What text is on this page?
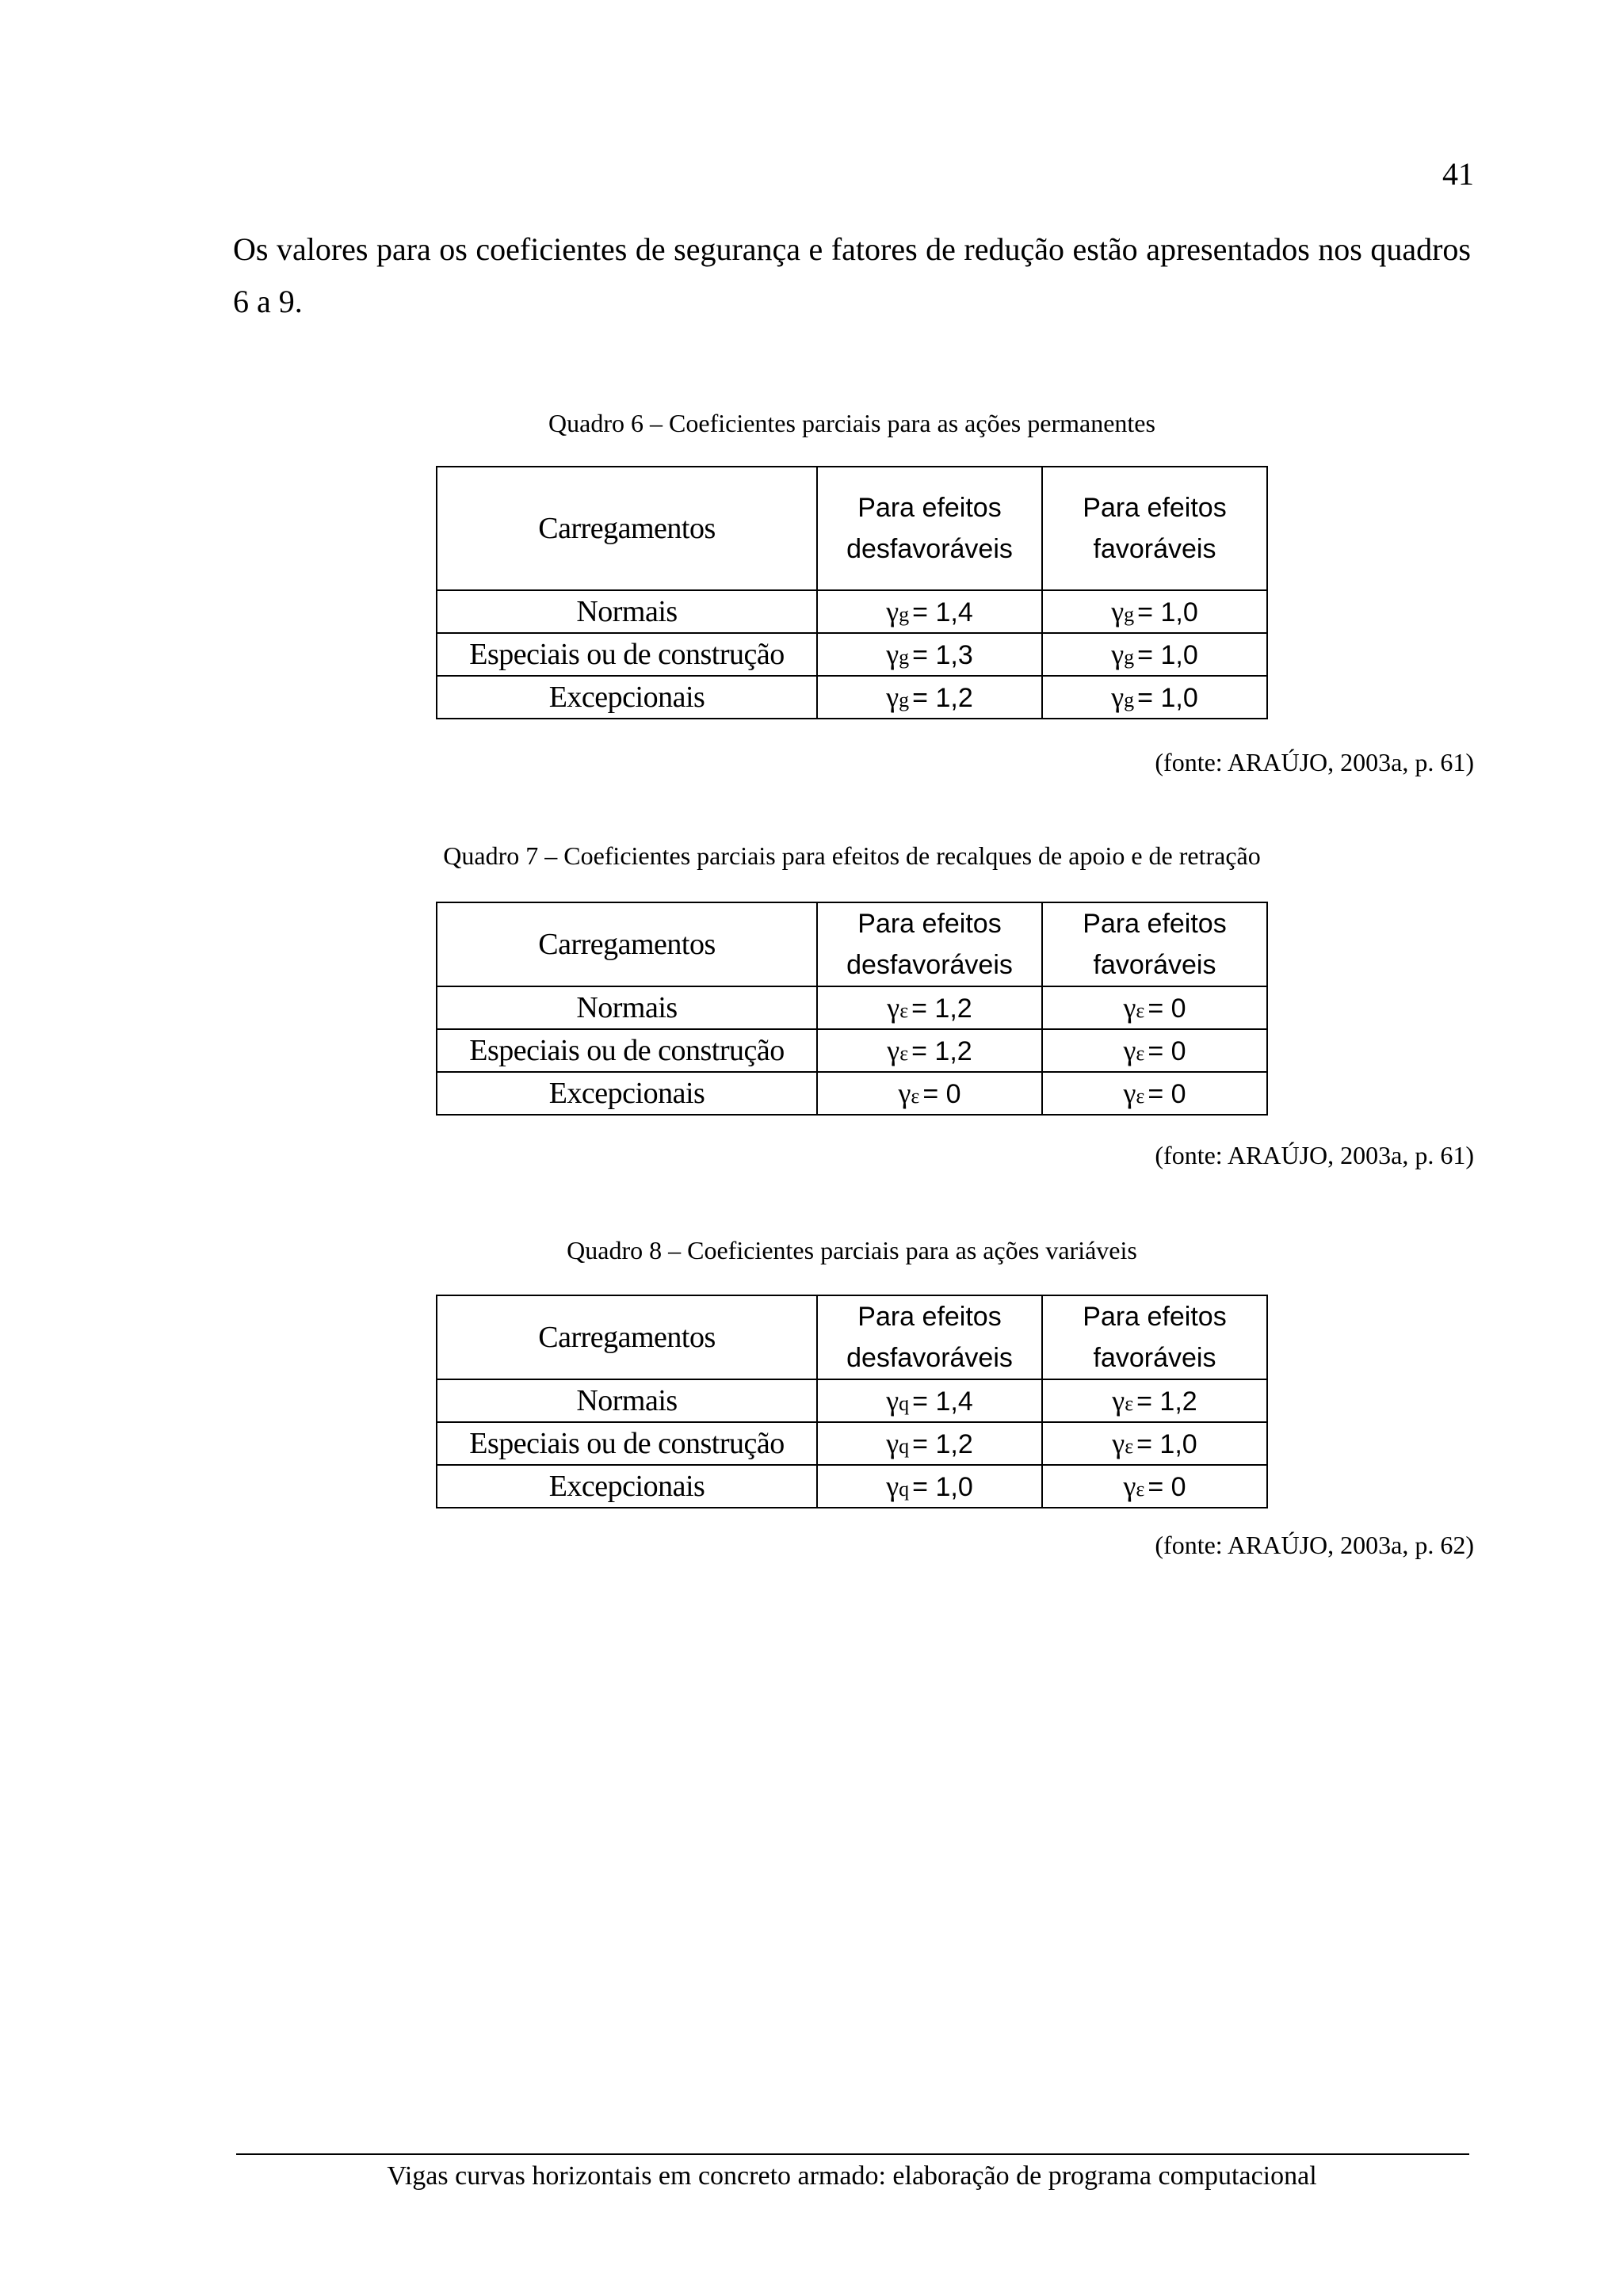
41

Os valores para os coeficientes de segurança e fatores de redução estão apresentados nos quadros 6 a 9.

Quadro 6 – Coeficientes parciais para as ações permanentes
Carregamentos	Para efeitos desfavoráveis	Para efeitos favoráveis
Normais	γg = 1,4	γg = 1,0
Especiais ou de construção	γg = 1,3	γg = 1,0
Excepcionais	γg = 1,2	γg = 1,0
(fonte: ARAÚJO, 2003a, p. 61)
Quadro 7 – Coeficientes parciais para efeitos de recalques de apoio e de retração
Carregamentos	Para efeitos desfavoráveis	Para efeitos favoráveis
Normais	γε = 1,2	γε = 0
Especiais ou de construção	γε = 1,2	γε = 0
Excepcionais	γε = 0	γε = 0
(fonte: ARAÚJO, 2003a, p. 61)
Quadro 8 – Coeficientes parciais para as ações variáveis
Carregamentos	Para efeitos desfavoráveis	Para efeitos favoráveis
Normais	γq = 1,4	γε = 1,2
Especiais ou de construção	γq = 1,2	γε = 1,0
Excepcionais	γq = 1,0	γε = 0
(fonte: ARAÚJO, 2003a, p. 62)
Vigas curvas horizontais em concreto armado: elaboração de programa computacional
